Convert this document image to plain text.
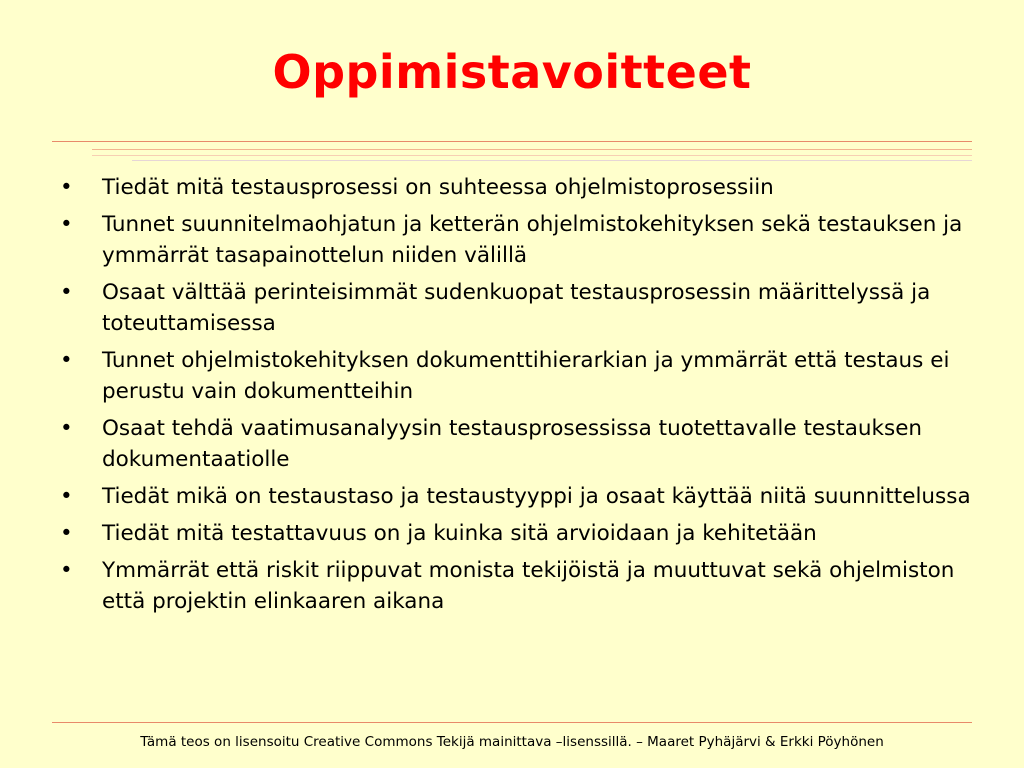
Oppimistavoitteet
•	Tiedät mitä testausprosessi on suhteessa ohjelmistoprosessiin
•	Tunnet suunnitelmaohjatun ja ketterän ohjelmistokehityksen sekä testauksen ja ymmärrät tasapainottelun niiden välillä
•	Osaat välttää perinteisimmät sudenkuopat testausprosessin määrittelyssä ja toteuttamisessa
•	Tunnet ohjelmistokehityksen dokumenttihierarkian ja ymmärrät että testaus ei perustu vain dokumentteihin
•	Osaat tehdä vaatimusanalyysin testausprosessissa tuotettavalle testauksen dokumentaatiolle
•	Tiedät mikä on testaustaso ja testaustyyppi ja osaat käyttää niitä suunnittelussa
•	Tiedät mitä testattavuus on ja kuinka sitä arvioidaan ja kehitetään
•	Ymmärrät että riskit riippuvat monista tekijöistä ja muuttuvat sekä ohjelmiston että projektin elinkaaren aikana
Tämä teos on lisensoitu Creative Commons Tekijä mainittava –lisenssillä. – Maaret Pyhäjärvi & Erkki Pöyhönen
